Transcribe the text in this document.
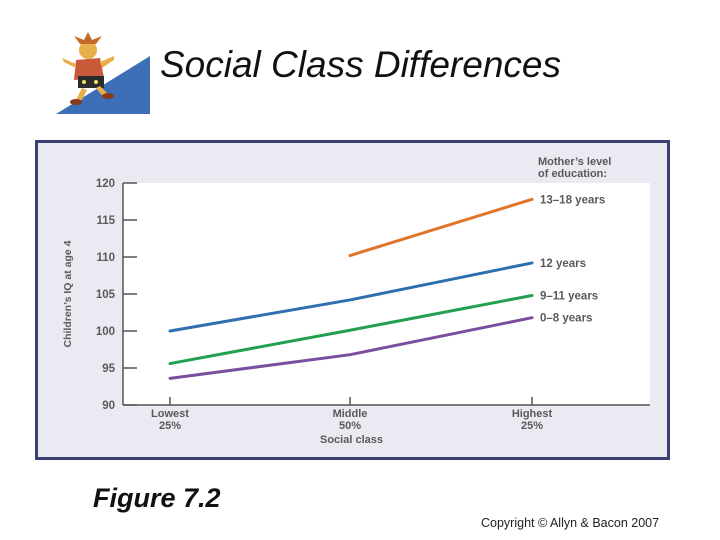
Social Class Differences
90
95
100
105
110
115
120
Lowest
25%
Middle
50%
Highest
25%
Social class
Children’s IQ at age 4
Mother’s level
of education:
13–18 years
12 years
9–11 years
0–8 years
Figure 7.2
Copyright © Allyn & Bacon 2007
